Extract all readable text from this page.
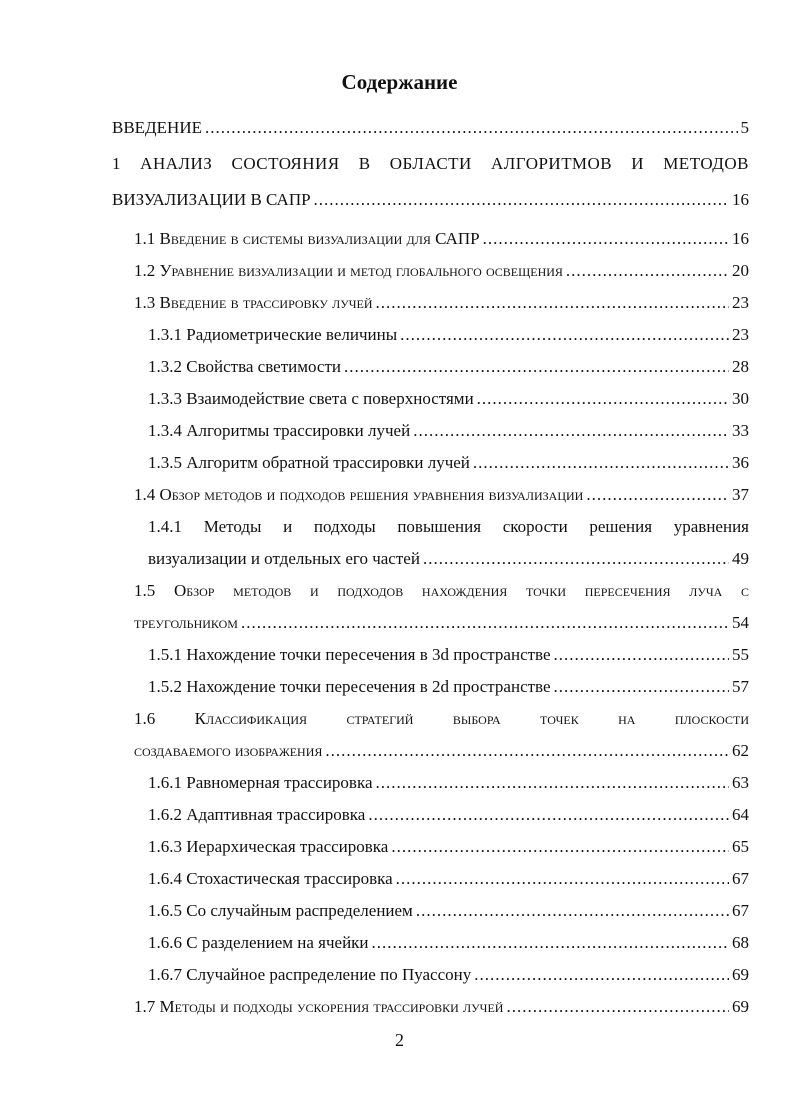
Содержание
ВВЕДЕНИЕ .....	5
1 АНАЛИЗ СОСТОЯНИЯ В ОБЛАСТИ АЛГОРИТМОВ И МЕТОДОВ
ВИЗУАЛИЗАЦИИ В САПР .....	16
1.1 Введение в системы визуализации для САПР .....	16
1.2 Уравнение визуализации и метод глобального освещения .....	20
1.3 Введение в трассировку лучей .....	23
1.3.1 Радиометрические величины .....	23
1.3.2 Свойства светимости .....	28
1.3.3 Взаимодействие света с поверхностями .....	30
1.3.4 Алгоритмы трассировки лучей .....	33
1.3.5 Алгоритм обратной трассировки лучей .....	36
1.4 Обзор методов и подходов решения уравнения визуализации .....	37
1.4.1 Методы и подходы повышения скорости решения уравнения
визуализации и отдельных его частей .....	49
1.5 Обзор методов и подходов нахождения точки пересечения луча с
треугольником .....	54
1.5.1 Нахождение точки пересечения в 3d пространстве .....	55
1.5.2 Нахождение точки пересечения в 2d пространстве .....	57
1.6 Классификация стратегий выбора точек на плоскости
создаваемого изображения .....	62
1.6.1 Равномерная трассировка .....	63
1.6.2 Адаптивная трассировка .....	64
1.6.3 Иерархическая трассировка .....	65
1.6.4 Стохастическая трассировка .....	67
1.6.5 Со случайным распределением .....	67
1.6.6 С разделением на ячейки .....	68
1.6.7 Случайное распределение по Пуассону .....	69
1.7 Методы и подходы ускорения трассировки лучей .....	69
2
